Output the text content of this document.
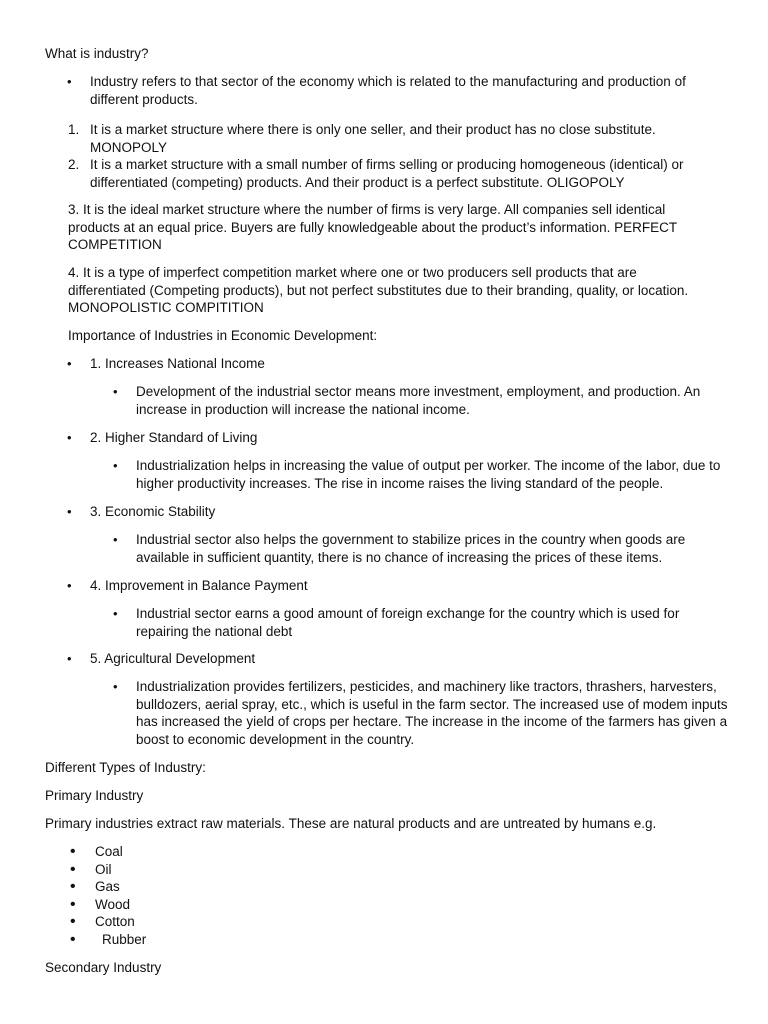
What is industry?

• Industry refers to that sector of the economy which is related to the manufacturing and production of different products.

1. It is a market structure where there is only one seller, and their product has no close substitute. MONOPOLY

2. It is a market structure with a small number of firms selling or producing homogeneous (identical) or differentiated (competing) products. And their product is a perfect substitute. OLIGOPOLY

3. It is the ideal market structure where the number of firms is very large. All companies sell identical products at an equal price. Buyers are fully knowledgeable about the product’s information. PERFECT COMPETITION

4. It is a type of imperfect competition market where one or two producers sell products that are differentiated (Competing products), but not perfect substitutes due to their branding, quality, or location. MONOPOLISTIC COMPITITION

Importance of Industries in Economic Development:

• 1. Increases National Income

• Development of the industrial sector means more investment, employment, and production. An increase in production will increase the national income.

• 2. Higher Standard of Living

• Industrialization helps in increasing the value of output per worker. The income of the labor, due to higher productivity increases. The rise in income raises the living standard of the people.

• 3. Economic Stability

• Industrial sector also helps the government to stabilize prices in the country when goods are available in sufficient quantity, there is no chance of increasing the prices of these items.

• 4. Improvement in Balance Payment

• Industrial sector earns a good amount of foreign exchange for the country which is used for repairing the national debt

• 5. Agricultural Development

• Industrialization provides fertilizers, pesticides, and machinery like tractors, thrashers, harvesters, bulldozers, aerial spray, etc., which is useful in the farm sector. The increased use of modem inputs has increased the yield of crops per hectare. The increase in the income of the farmers has given a boost to economic development in the country.

Different Types of Industry:

Primary Industry

Primary industries extract raw materials. These are natural products and are untreated by humans e.g.

• Coal

• Oil

• Gas

• Wood

• Cotton

• Rubber

Secondary Industry
